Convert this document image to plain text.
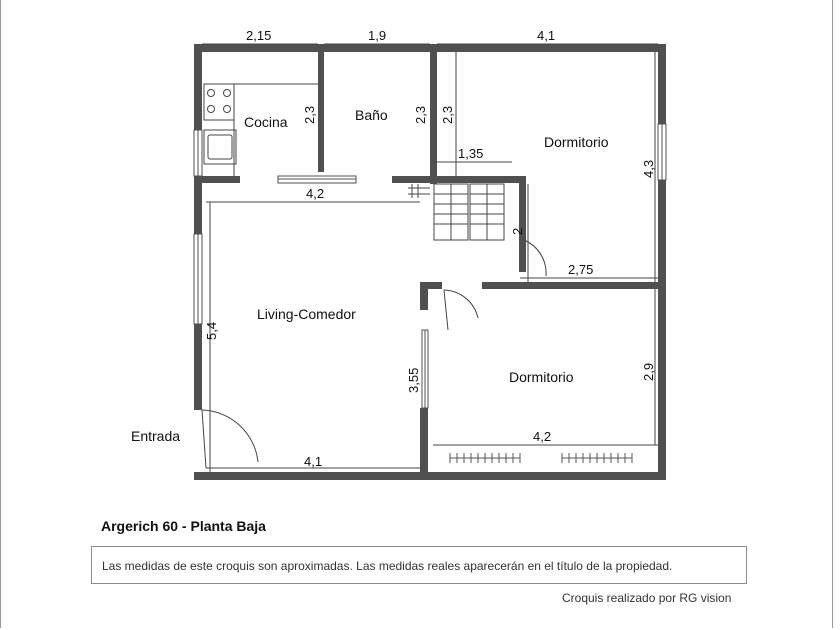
Cocina	Baño
Dormitorio
Living-Comedor
Dormitorio
Entrada
2,15	1,9	4,1
2,3	2,3 2,3
4,3
1,35
4,2
2
2,75
5,4
3,55	2,9
4,2
4,1
Argerich 60 - Planta Baja
Las medidas de este croquis son aproximadas. Las medidas reales aparecerán en el título de la propiedad.
Croquis realizado por RG vision
